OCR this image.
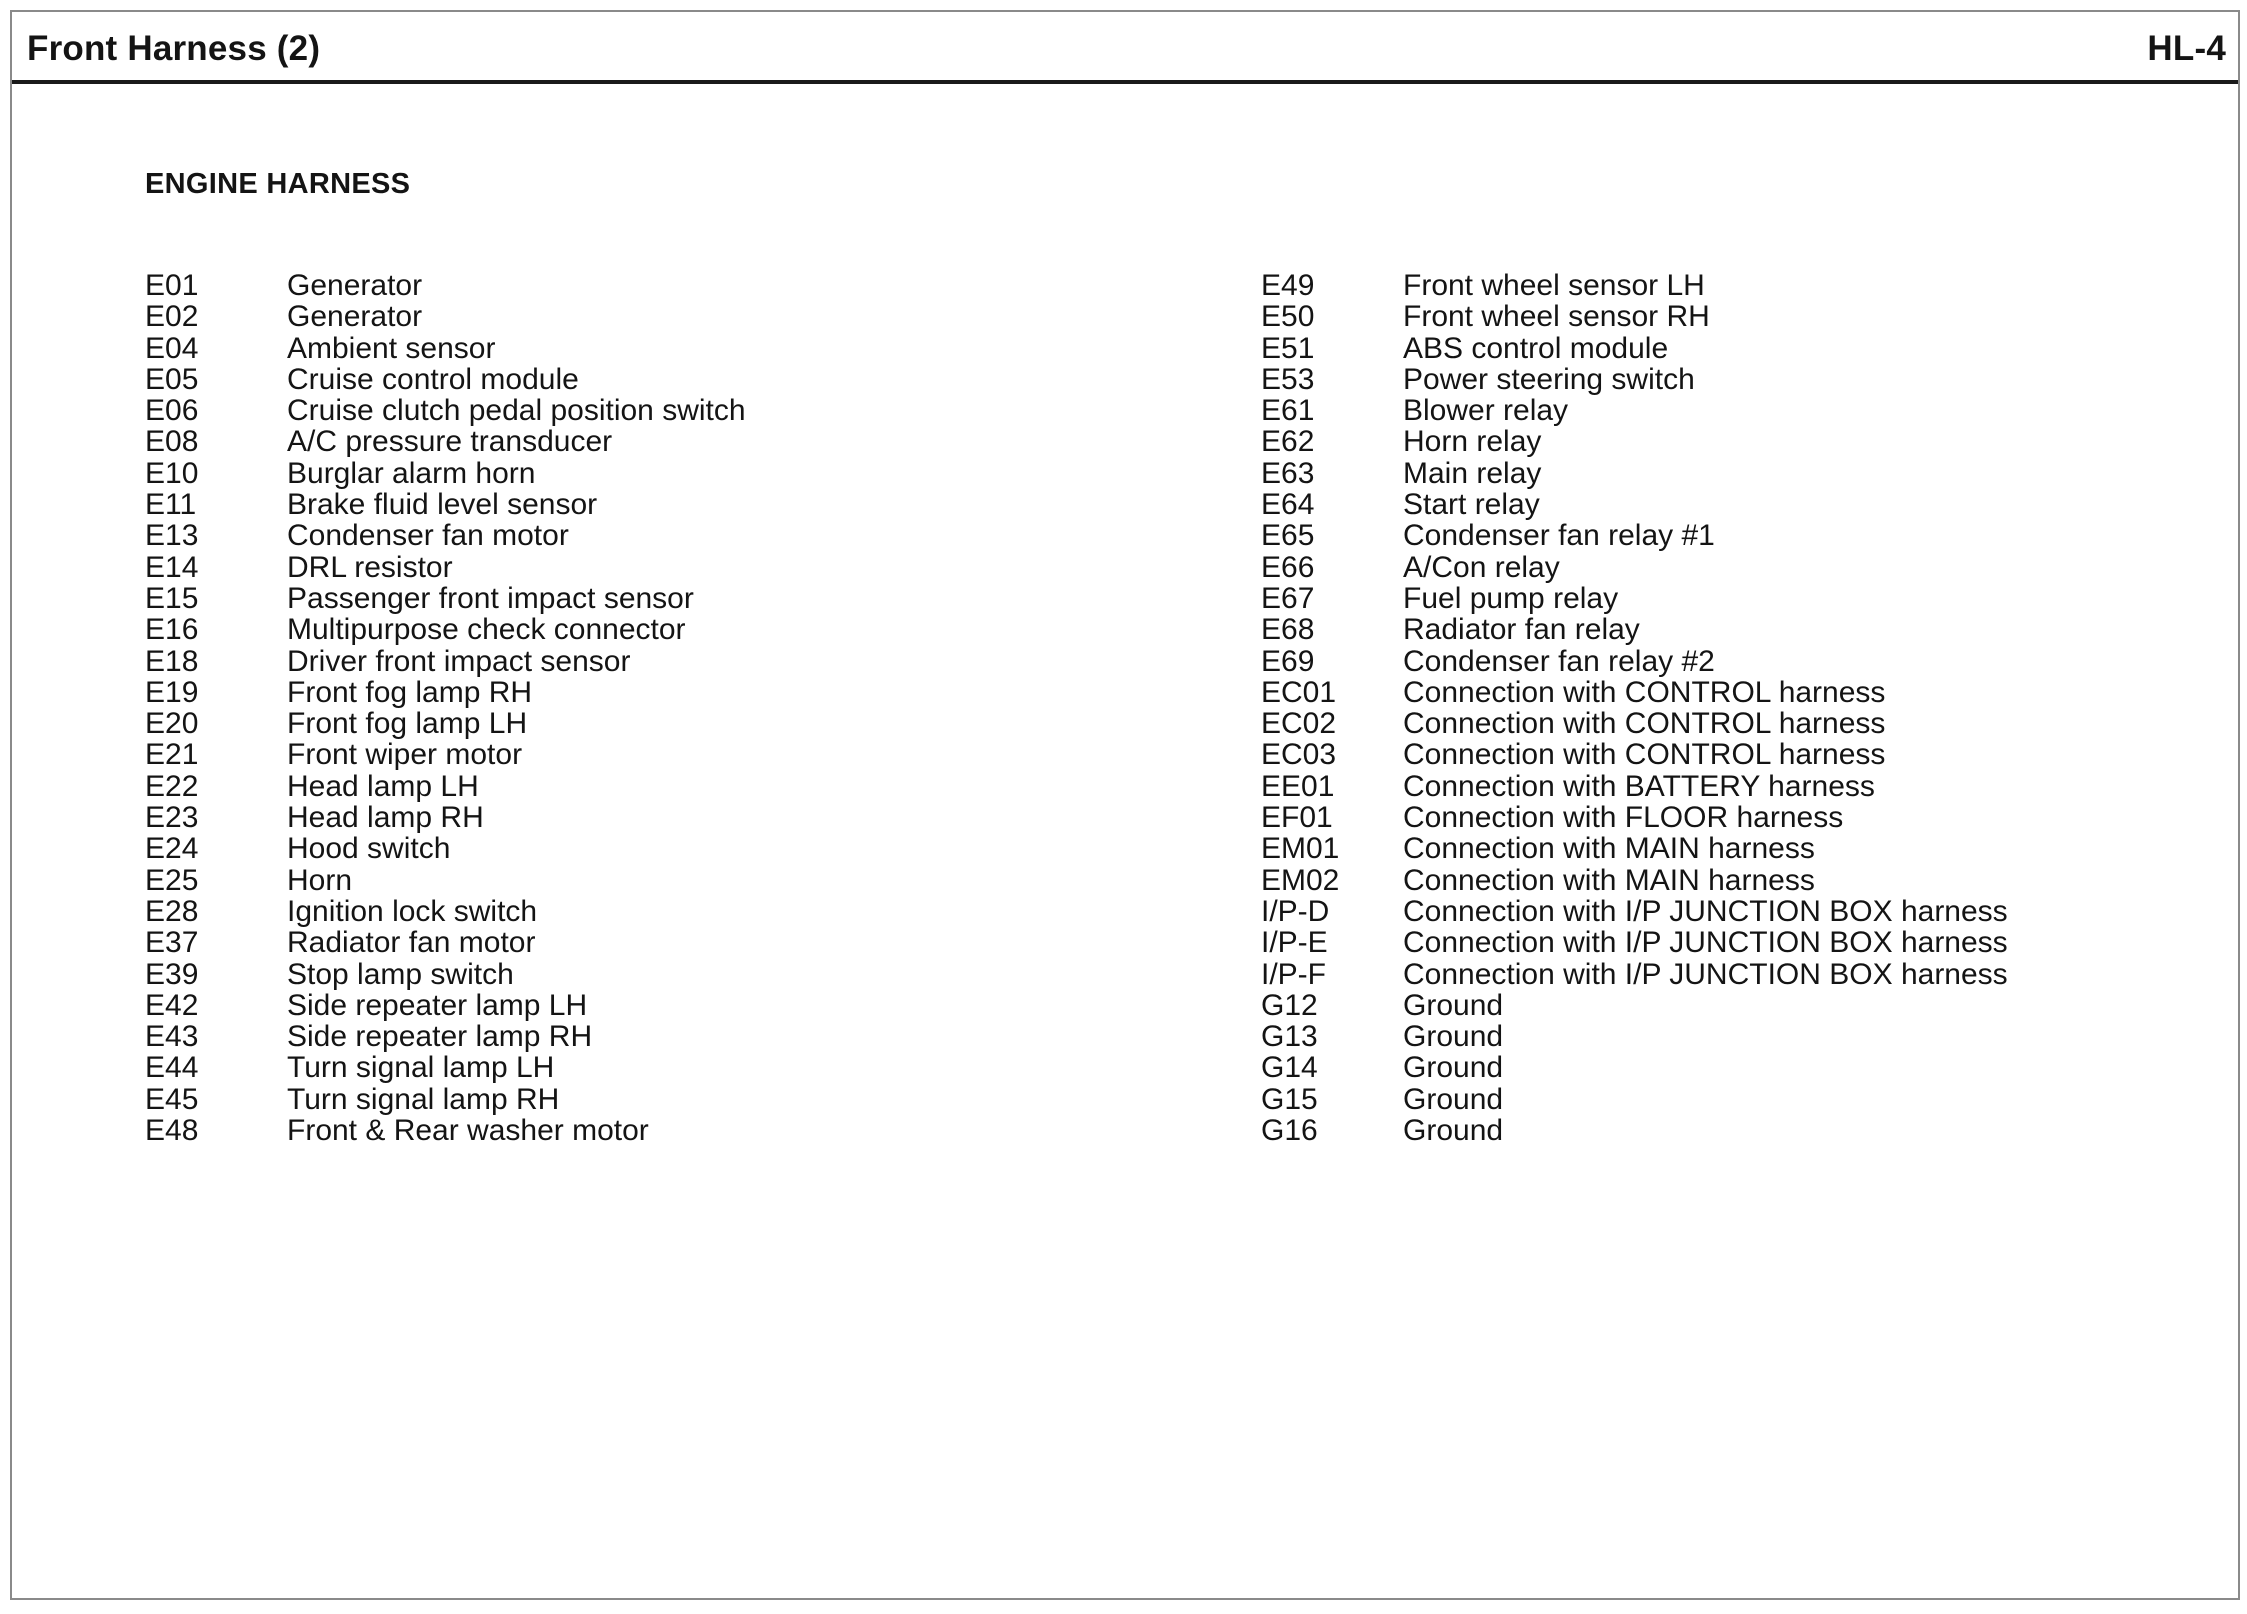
Front Harness (2)	HL-4
ENGINE HARNESS
E01	Generator
E02	Generator
E04	Ambient sensor
E05	Cruise control module
E06	Cruise clutch pedal position switch
E08	A/C pressure transducer
E10	Burglar alarm horn
E11	Brake fluid level sensor
E13	Condenser fan motor
E14	DRL resistor
E15	Passenger front impact sensor
E16	Multipurpose check connector
E18	Driver front impact sensor
E19	Front fog lamp RH
E20	Front fog lamp LH
E21	Front wiper motor
E22	Head lamp LH
E23	Head lamp RH
E24	Hood switch
E25	Horn
E28	Ignition lock switch
E37	Radiator fan motor
E39	Stop lamp switch
E42	Side repeater lamp LH
E43	Side repeater lamp RH
E44	Turn signal lamp LH
E45	Turn signal lamp RH
E48	Front & Rear washer motor
E49	Front wheel sensor LH
E50	Front wheel sensor RH
E51	ABS control module
E53	Power steering switch
E61	Blower relay
E62	Horn relay
E63	Main relay
E64	Start relay
E65	Condenser fan relay #1
E66	A/Con relay
E67	Fuel pump relay
E68	Radiator fan relay
E69	Condenser fan relay #2
EC01 Connection with CONTROL harness
EC02 Connection with CONTROL harness
EC03 Connection with CONTROL harness
EE01 Connection with BATTERY harness
EF01 Connection with FLOOR harness
EM01 Connection with MAIN harness
EM02 Connection with MAIN harness
I/P-D Connection with I/P JUNCTION BOX harness
I/P-E	Connection with I/P JUNCTION BOX harness
I/P-F	Connection with I/P JUNCTION BOX harness
G12	Ground
G13	Ground
G14	Ground
G15	Ground
G16	Ground
